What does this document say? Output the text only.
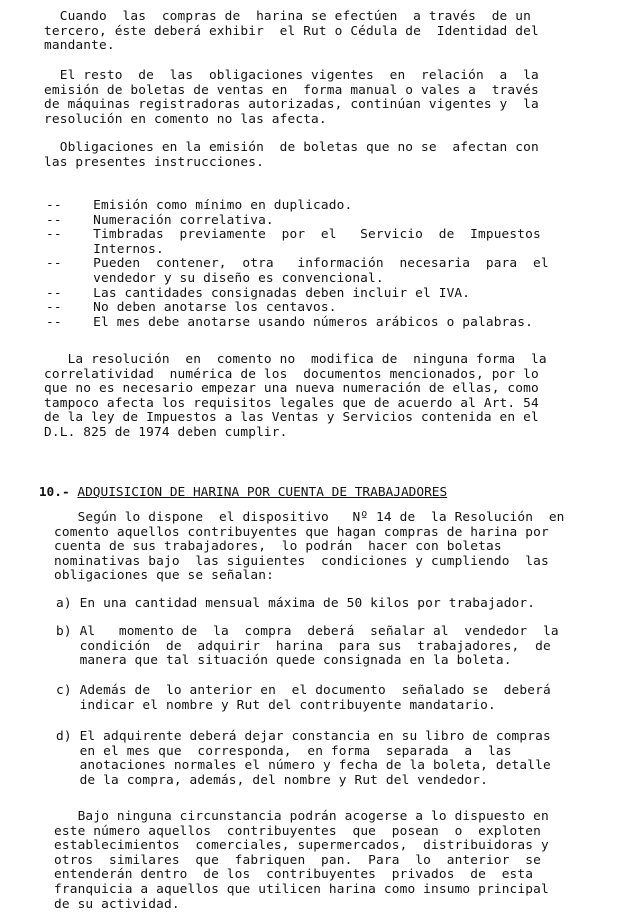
Cuando  las  compras de  harina se efectúen  a través  de un
tercero, éste deberá exhibir  el Rut o Cédula de  Identidad del
mandante.

El resto  de  las  obligaciones vigentes  en  relación  a  la
emisión de boletas de ventas en  forma manual o vales a  través
de máquinas registradoras autorizadas, continúan vigentes y  la
resolución en comento no las afecta.

Obligaciones en la emisión  de boletas que no se  afectan con
las presentes instrucciones.

--    Emisión como mínimo en duplicado.
--    Numeración correlativa.
--    Timbradas  previamente  por  el   Servicio  de  Impuestos
Internos.
--    Pueden  contener,  otra   información  necesaria  para  el
vendedor y su diseño es convencional.
--    Las cantidades consignadas deben incluir el IVA.
--    No deben anotarse los centavos.
--    El mes debe anotarse usando números arábicos o palabras.

La resolución  en  comento no  modifica de  ninguna forma  la
correlatividad  numérica de los  documentos mencionados, por lo
que no es necesario empezar una nueva numeración de ellas, como
tampoco afecta los requisitos legales que de acuerdo al Art. 54
de la ley de Impuestos a las Ventas y Servicios contenida en el
D.L. 825 de 1974 deben cumplir.

10.- ADQUISICION DE HARINA POR CUENTA DE TRABAJADORES

Según lo dispone  el dispositivo   Nº 14 de  la Resolución  en
comento aquellos contribuyentes que hagan compras de harina por
cuenta de sus trabajadores,  lo podrán  hacer con boletas
nominativas bajo  las siguientes  condiciones y cumpliendo  las
obligaciones que se señalan:

a) En una cantidad mensual máxima de 50 kilos por trabajador.

b) Al   momento de  la  compra  deberá  señalar al  vendedor  la
condición  de  adquirir  harina  para sus  trabajadores,  de
manera que tal situación quede consignada en la boleta.

c) Además de  lo anterior en  el documento  señalado se  deberá
indicar el nombre y Rut del contribuyente mandatario.

d) El adquirente deberá dejar constancia en su libro de compras
en el mes que  corresponda,  en forma  separada  a  las
anotaciones normales el número y fecha de la boleta, detalle
de la compra, además, del nombre y Rut del vendedor.

Bajo ninguna circunstancia podrán acogerse a lo dispuesto en
este número aquellos  contribuyentes  que  posean  o  exploten
establecimientos  comerciales, supermercados,  distribuidoras y
otros  similares  que  fabriquen  pan.  Para  lo  anterior  se
entenderán dentro  de los  contribuyentes  privados  de  esta
franquicia a aquellos que utilicen harina como insumo principal
de su actividad.
